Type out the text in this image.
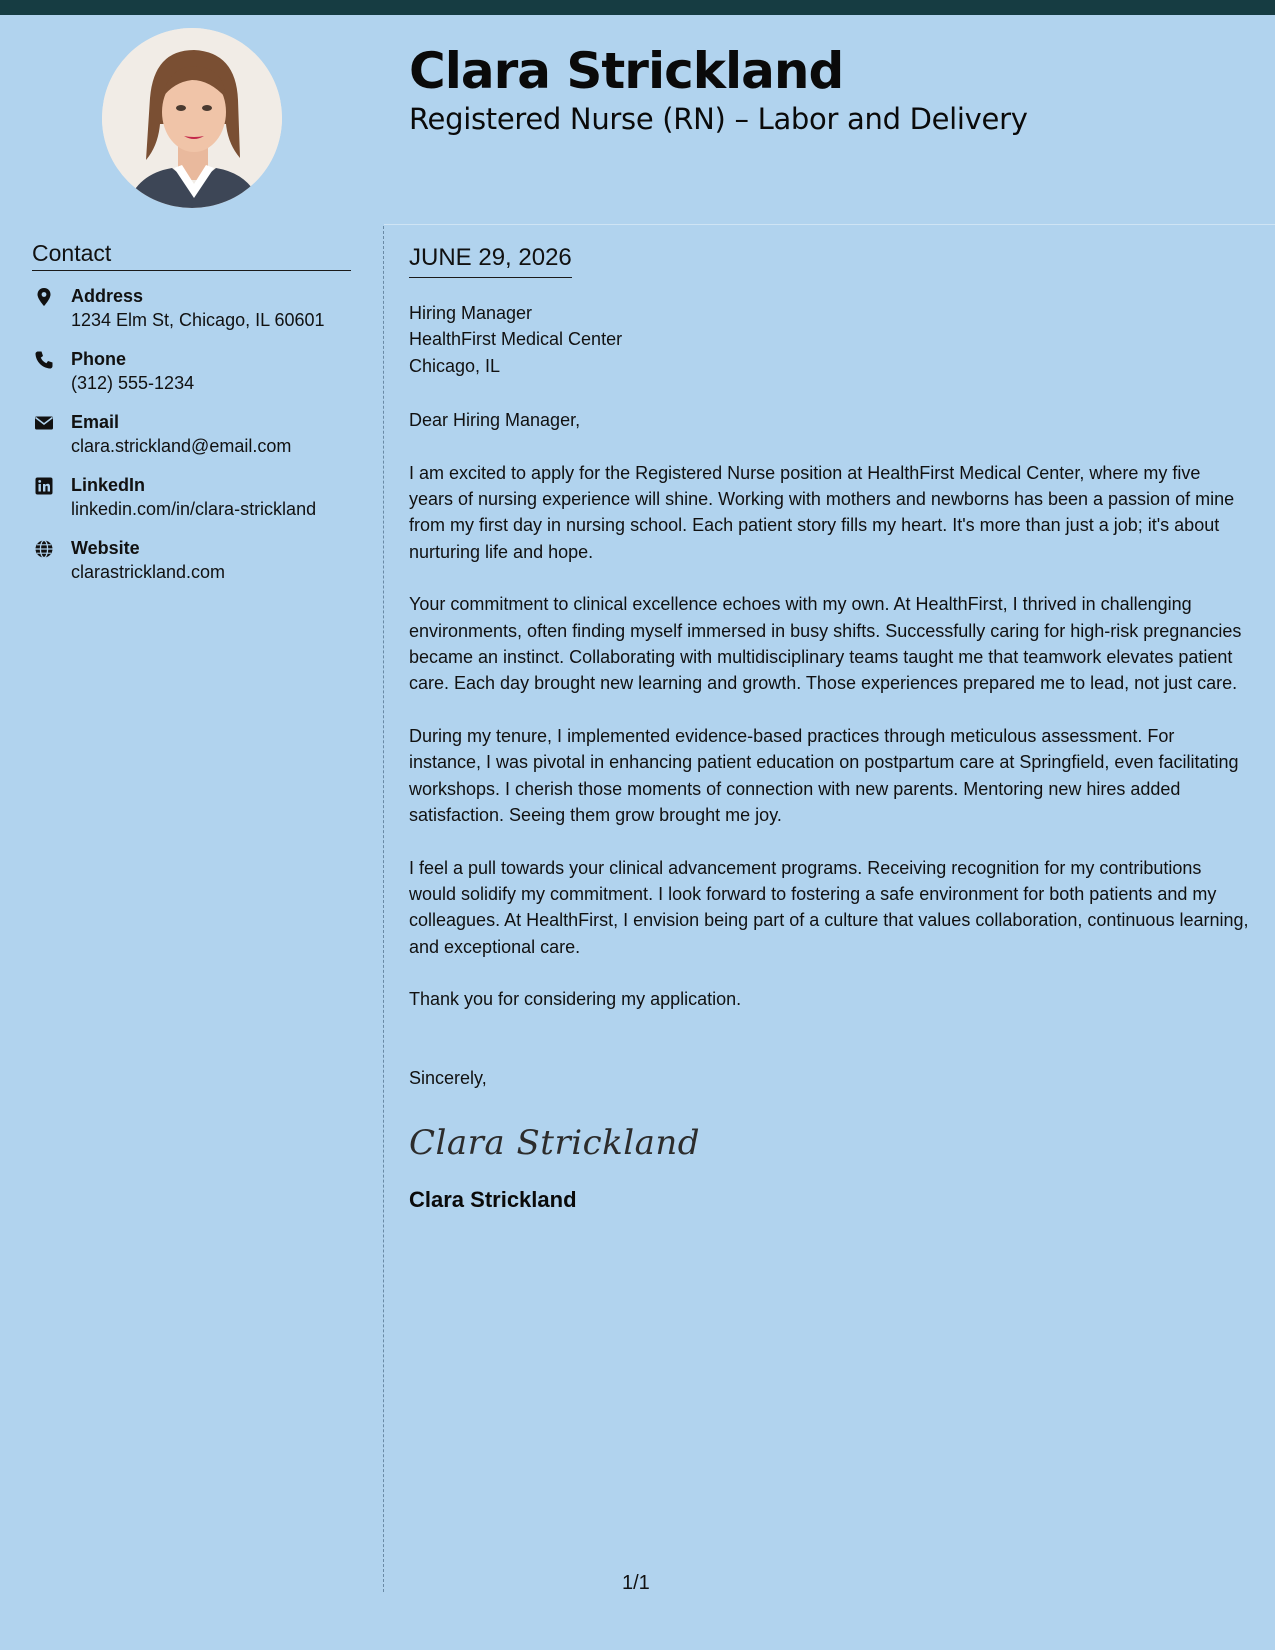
Clara Strickland
Registered Nurse (RN) – Labor and Delivery
Contact
Address
1234 Elm St, Chicago, IL 60601
Phone
(312) 555-1234
Email
clara.strickland@email.com
LinkedIn
linkedin.com/in/clara-strickland
Website
clarastrickland.com
JUNE 29, 2026
Hiring Manager
HealthFirst Medical Center
Chicago, IL
Dear Hiring Manager,

I am excited to apply for the Registered Nurse position at HealthFirst Medical Center, where my five years of nursing experience will shine. Working with mothers and newborns has been a passion of mine from my first day in nursing school. Each patient story fills my heart. It's more than just a job; it's about nurturing life and hope.

Your commitment to clinical excellence echoes with my own. At HealthFirst, I thrived in challenging environments, often finding myself immersed in busy shifts. Successfully caring for high-risk pregnancies became an instinct. Collaborating with multidisciplinary teams taught me that teamwork elevates patient care. Each day brought new learning and growth. Those experiences prepared me to lead, not just care.

During my tenure, I implemented evidence-based practices through meticulous assessment. For instance, I was pivotal in enhancing patient education on postpartum care at Springfield, even facilitating workshops. I cherish those moments of connection with new parents. Mentoring new hires added satisfaction. Seeing them grow brought me joy.

I feel a pull towards your clinical advancement programs. Receiving recognition for my contributions would solidify my commitment. I look forward to fostering a safe environment for both patients and my colleagues. At HealthFirst, I envision being part of a culture that values collaboration, continuous learning, and exceptional care.

Thank you for considering my application.
Sincerely,
Clara Strickland
Clara Strickland
1/1
